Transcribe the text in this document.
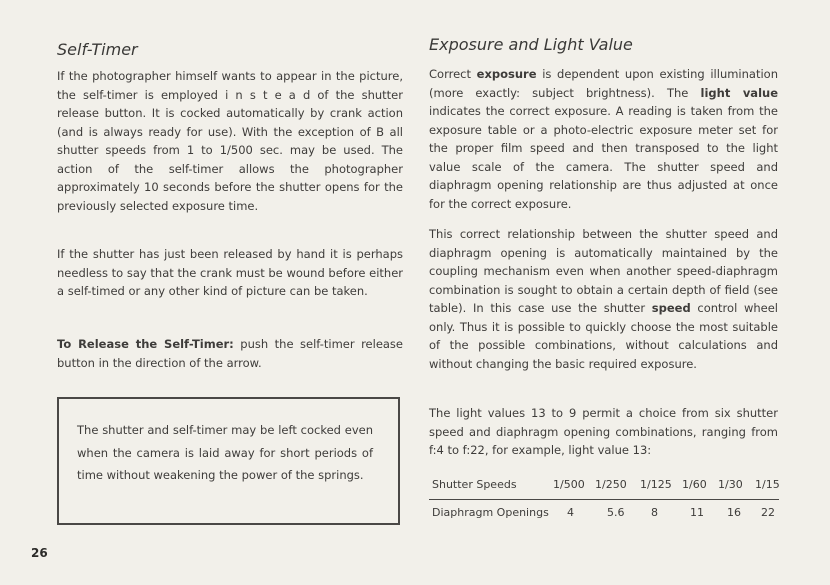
Self-Timer

If the photographer himself wants to appear in the picture, the self-timer is employed i n s t e a d of the shutter release button. It is cocked automatically by crank action (and is always ready for use). With the exception of B all shutter speeds from 1 to 1/500 sec. may be used. The action of the self-timer allows the photographer approximately 10 seconds before the shutter opens for the previously selected exposure time.

If the shutter has just been released by hand it is perhaps needless to say that the crank must be wound before either a self-timed or any other kind of picture can be taken.

To Release the Self-Timer: push the self-timer release button in the direction of the arrow.

The shutter and self-timer may be left cocked even when the camera is laid away for short periods of time without weakening the power of the springs.

Exposure and Light Value

Correct exposure is dependent upon existing illumination (more exactly: subject brightness). The light value indicates the correct exposure. A reading is taken from the exposure table or a photo-electric exposure meter set for the proper film speed and then transposed to the light value scale of the camera. The shutter speed and diaphragm opening relationship are thus adjusted at once for the correct exposure.

This correct relationship between the shutter speed and diaphragm opening is automatically maintained by the coupling mechanism even when another speed-diaphragm combination is sought to obtain a certain depth of field (see table). In this case use the shutter speed control wheel only. Thus it is possible to quickly choose the most suitable of the possible combinations, without calculations and without changing the basic required exposure.

The light values 13 to 9 permit a choice from six shutter speed and diaphragm opening combinations, ranging from f:4 to f:22, for example, light value 13:

Shutter Speeds	1/500 1/250 1/125 1/60 1/30 1/15
Diaphragm Openings 4	5.6 8	11 16 22
26
